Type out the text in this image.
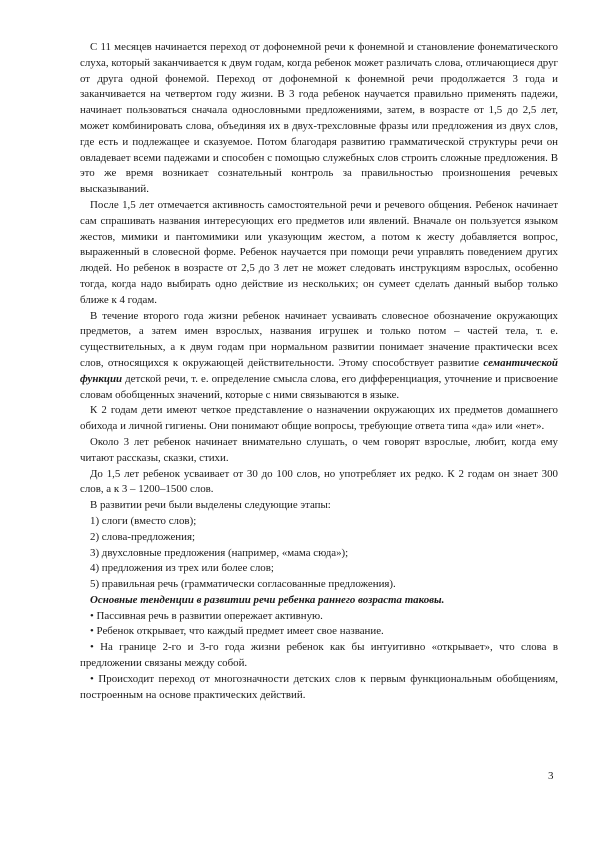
С 11 месяцев начинается переход от дофонемной речи к фонемной и становление фонематического слуха, который заканчивается к двум годам, когда ребенок может различать слова, отличающиеся друг от друга одной фонемой. Переход от дофонемной к фонемной речи продолжается 3 года и заканчивается на четвертом году жизни. В 3 года ребенок научается правильно применять падежи, начинает пользоваться сначала однословными предложениями, затем, в возрасте от 1,5 до 2,5 лет, может комбинировать слова, объединяя их в двух-трехсловные фразы или предложения из двух слов, где есть и подлежащее и сказуемое. Потом благодаря развитию грамматической структуры речи он овладевает всеми падежами и способен с помощью служебных слов строить сложные предложения. В это же время возникает сознательный контроль за правильностью произношения речевых высказываний.

После 1,5 лет отмечается активность самостоятельной речи и речевого общения. Ребенок начинает сам спрашивать названия интересующих его предметов или явлений. Вначале он пользуется языком жестов, мимики и пантомимики или указующим жестом, а потом к жесту добавляется вопрос, выраженный в словесной форме. Ребенок научается при помощи речи управлять поведением других людей. Но ребенок в возрасте от 2,5 до 3 лет не может следовать инструкциям взрослых, особенно тогда, когда надо выбирать одно действие из нескольких; он сумеет сделать данный выбор только ближе к 4 годам.

В течение второго года жизни ребенок начинает усваивать словесное обозначение окружающих предметов, а затем имен взрослых, названия игрушек и только потом – частей тела, т. е. существительных, а к двум годам при нормальном развитии понимает значение практически всех слов, относящихся к окружающей действительности. Этому способствует развитие семантической функции детской речи, т. е. определение смысла слова, его дифференциация, уточнение и присвоение словам обобщенных значений, которые с ними связываются в языке.

К 2 годам дети имеют четкое представление о назначении окружающих их предметов домашнего обихода и личной гигиены. Они понимают общие вопросы, требующие ответа типа «да» или «нет».

Около 3 лет ребенок начинает внимательно слушать, о чем говорят взрослые, любит, когда ему читают рассказы, сказки, стихи.

До 1,5 лет ребенок усваивает от 30 до 100 слов, но употребляет их редко. К 2 годам он знает 300 слов, а к 3 – 1200–1500 слов.

В развитии речи были выделены следующие этапы:

1) слоги (вместо слов);

2) слова-предложения;

3) двухсловные предложения (например, «мама сюда»);

4) предложения из трех или более слов;

5) правильная речь (грамматически согласованные предложения).

Основные тенденции в развитии речи ребенка раннего возраста таковы.

• Пассивная речь в развитии опережает активную.

• Ребенок открывает, что каждый предмет имеет свое название.

• На границе 2-го и 3-го года жизни ребенок как бы интуитивно «открывает», что слова в предложении связаны между собой.

• Происходит переход от многозначности детских слов к первым функциональным обобщениям, построенным на основе практических действий.

3
